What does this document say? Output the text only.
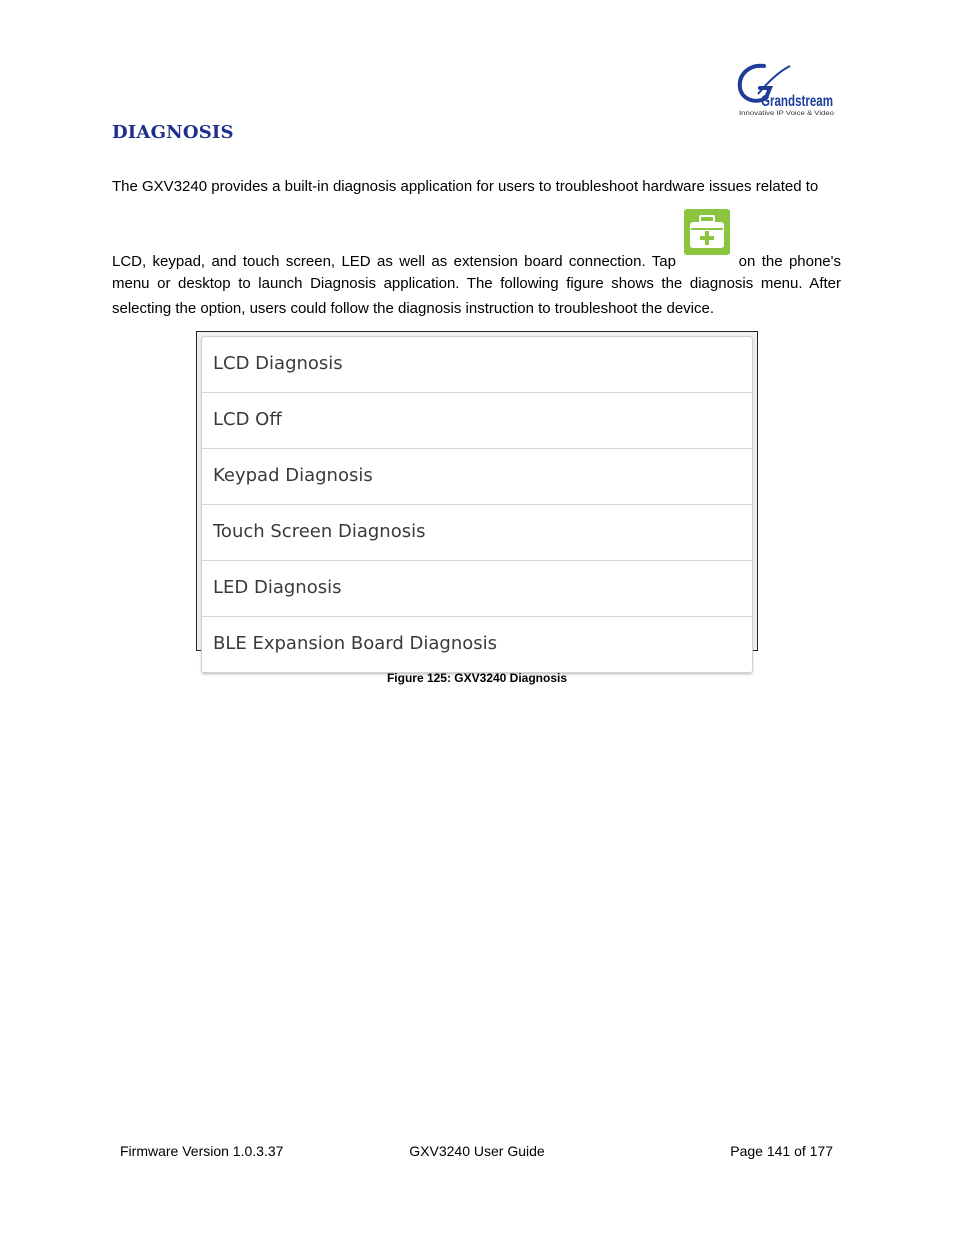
Grandstream
Innovative IP Voice & Video
DIAGNOSIS

The GXV3240 provides a built-in diagnosis application for users to troubleshoot hardware issues related to

LCD, keypad, and touch screen, LED as well as extension board connection. Tap	on the phone's
menu or desktop to launch Diagnosis application. The following figure shows the diagnosis menu. After
selecting the option, users could follow the diagnosis instruction to troubleshoot the device.
LCD Diagnosis
LCD Off
Keypad Diagnosis
Touch Screen Diagnosis
LED Diagnosis
BLE Expansion Board Diagnosis
Figure 125: GXV3240 Diagnosis
Firmware Version 1.0.3.37	GXV3240 User Guide	Page 141 of 177
